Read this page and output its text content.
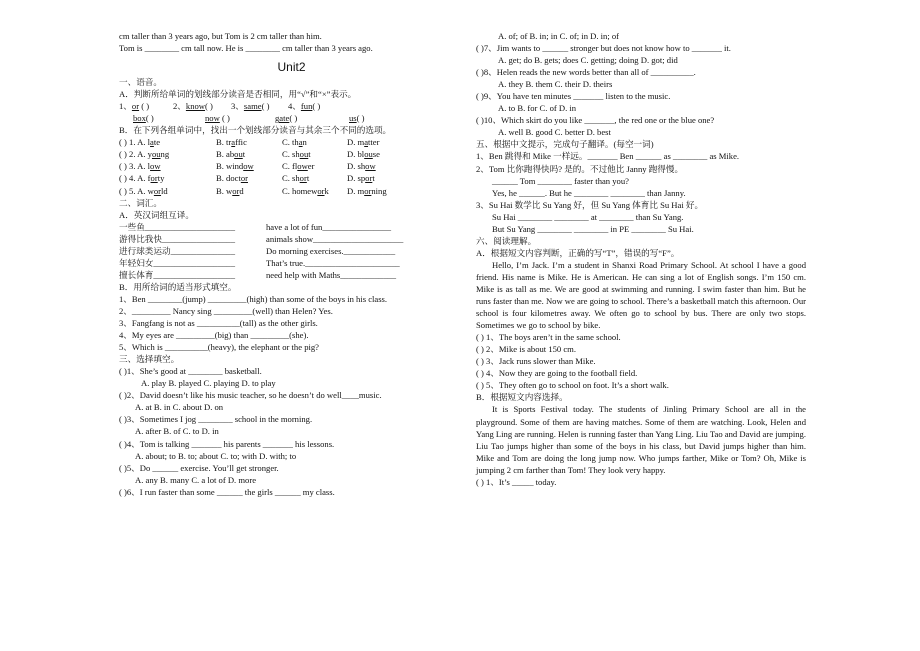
cm taller than 3 years ago, but Tom is 2 cm taller than him.
Tom is ________ cm tall now. He is ________ cm taller than 3 years ago.
Unit2
一、语音。
A．判断所给单词的划线部分读音是否相同，用“√”和“×”表示。
1、or ( )	2、know( ) 3、same( ) 4、fun( )
box( )	now ( )	gate( )	us( )
B．在下列各组单词中，找出一个划线部分读音与其余三个不同的选项。
( ) 1. A. late	B. traffic	C. than	D. matter
( ) 2. A. young	B. about	C. shout	D. blouse
( ) 3. A. low	B. window	C. flower	D. show
( ) 4. A. forty	B. doctor	C. short	D. sport
( ) 5. A. world	B. word	C. homework D. morning
二、词汇。
A．英汉词组互译。
一些鱼_____________________	have a lot of fun________________
游得比我快_________________	animals show_____________________
进行球类运动_______________	Do morning exercises.____________
年轻妇女___________________	That’s true.______________________
擅长体育___________________	need help with Maths_____________
B．用所给词的适当形式填空。
1、Ben ________(jump) _________(high) than some of the boys in his class.
2、_________ Nancy sing _________(well) than Helen? Yes.
3、Fangfang is not as __________(tall) as the other girls.
4、My eyes are _________(big) than _________(she).
5、Which is __________(heavy), the elephant or the pig?
三、选择填空。
( )1、She’s good at ________ basketball.
A. play B. played C. playing D. to play
( )2、David doesn’t like his music teacher, so he doesn’t do well____music.
A. at B. in C. about D. on
( )3、Sometimes I jog ________ school in the morning.
A. after B. of C. to D. in
( )4、Tom is talking _______ his parents _______ his lessons.
A. about; to B. to; about C. to; with D. with; to
( )5、Do ______ exercise. You’ll get stronger.
A. any B. many C. a lot of D. more
( )6、I run faster than some ______ the girls ______ my class.
A. of; of B. in; in C. of; in D. in; of
( )7、Jim wants to ______ stronger but does not know how to _______ it.
A. get; do B. gets; does C. getting; doing D. got; did
( )8、Helen reads the new words better than all of __________.
A. they B. them C. their D. theirs
( )9、You have ten minutes _______ listen to the music.
A. to B. for C. of D. in
( )10、Which skirt do you like _______, the red one or the blue one?
A. well B. good C. better D. best
五、根据中文提示，完成句子翻译。(每空一词)
1、Ben 跳得和 Mike 一样远。_______ Ben ______ as ________ as Mike.
2、Tom 比你跑得快吗? 是的。不过他比 Janny 跑得慢。
______ Tom ________ faster than you?
Yes, he ______. But he ________ ________ than Janny.
3、Su Hai 数学比 Su Yang 好，但 Su Yang 体育比 Su Hai 好。
Su Hai ________ ________ at ________ than Su Yang.
But Su Yang ________ ________ in PE ________ Su Hai.
六、阅读理解。
A．根据短文内容判断，正确的写“T”，错误的写“F”。
Hello, I’m Jack. I’m a student in Shanxi Road Primary School. At school I have a good friend. His name is Mike. He is American. He can sing a lot of English songs. I’m 150 cm. Mike is as tall as me. We are good at swimming and running. I swim faster than him. But he runs faster than me. Now we are going to school. There’s a basketball match this afternoon. Our school is four kilometres away. We often go to school by bus. There are only two stops. Sometimes we go to school by bike.
( ) 1、The boys aren’t in the same school.
( ) 2、Mike is about 150 cm.
( ) 3、Jack runs slower than Mike.
( ) 4、Now they are going to the football field.
( ) 5、They often go to school on foot. It’s a short walk.
B．根据短文内容选择。
It is Sports Festival today. The students of Jinling Primary School are all in the playground. Some of them are having matches. Some of them are watching. Look, Helen and Yang Ling are running. Helen is running faster than Yang Ling. Liu Tao and David are jumping. Liu Tao jumps higher than some of the boys in his class, but David jumps higher than him. Mike and Tom are doing the long jump now. Who jumps farther, Mike or Tom? Oh, Mike is jumping 2 cm farther than Tom! They look very happy.
( ) 1、It’s _____ today.
